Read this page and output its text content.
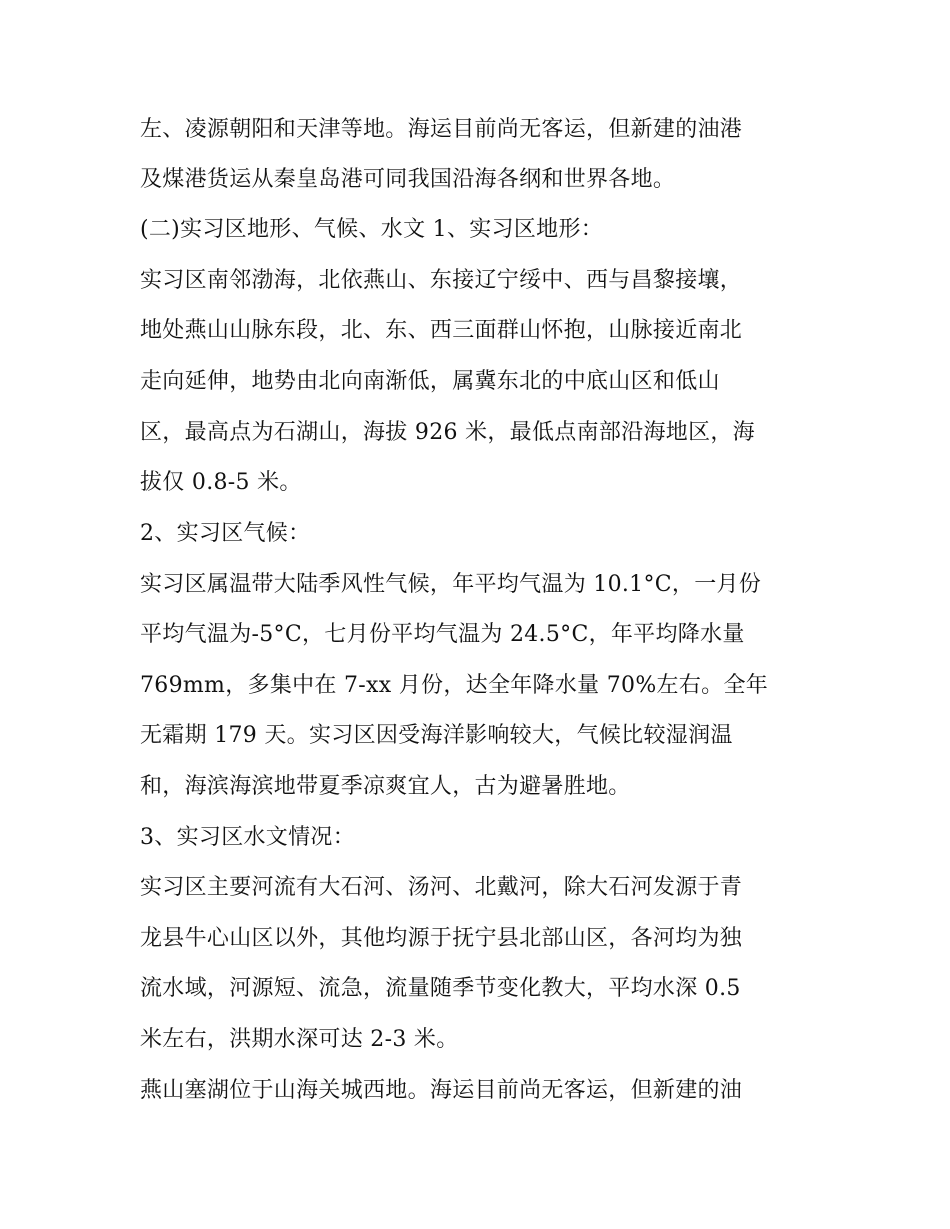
左、凌源朝阳和天津等地。海运目前尚无客运，但新建的油港
及煤港货运从秦皇岛港可同我国沿海各纲和世界各地。
(二)实习区地形、气候、水文 1、实习区地形：
实习区南邻渤海，北依燕山、东接辽宁绥中、西与昌黎接壤，
地处燕山山脉东段，北、东、西三面群山怀抱，山脉接近南北
走向延伸，地势由北向南渐低，属冀东北的中底山区和低山
区，最高点为石湖山，海拔 926 米，最低点南部沿海地区，海
拔仅 0.8-5 米。
2、实习区气候：
实习区属温带大陆季风性气候，年平均气温为 10.1°C，一月份
平均气温为-5°C，七月份平均气温为 24.5°C，年平均降水量
769mm，多集中在 7-xx 月份，达全年降水量 70%左右。全年
无霜期 179 天。实习区因受海洋影响较大，气候比较湿润温
和，海滨海滨地带夏季凉爽宜人，古为避暑胜地。
3、实习区水文情况：
实习区主要河流有大石河、汤河、北戴河，除大石河发源于青
龙县牛心山区以外，其他均源于抚宁县北部山区，各河均为独
流水域，河源短、流急，流量随季节变化教大，平均水深 0.5
米左右，洪期水深可达 2-3 米。
燕山塞湖位于山海关城西地。海运目前尚无客运，但新建的油
